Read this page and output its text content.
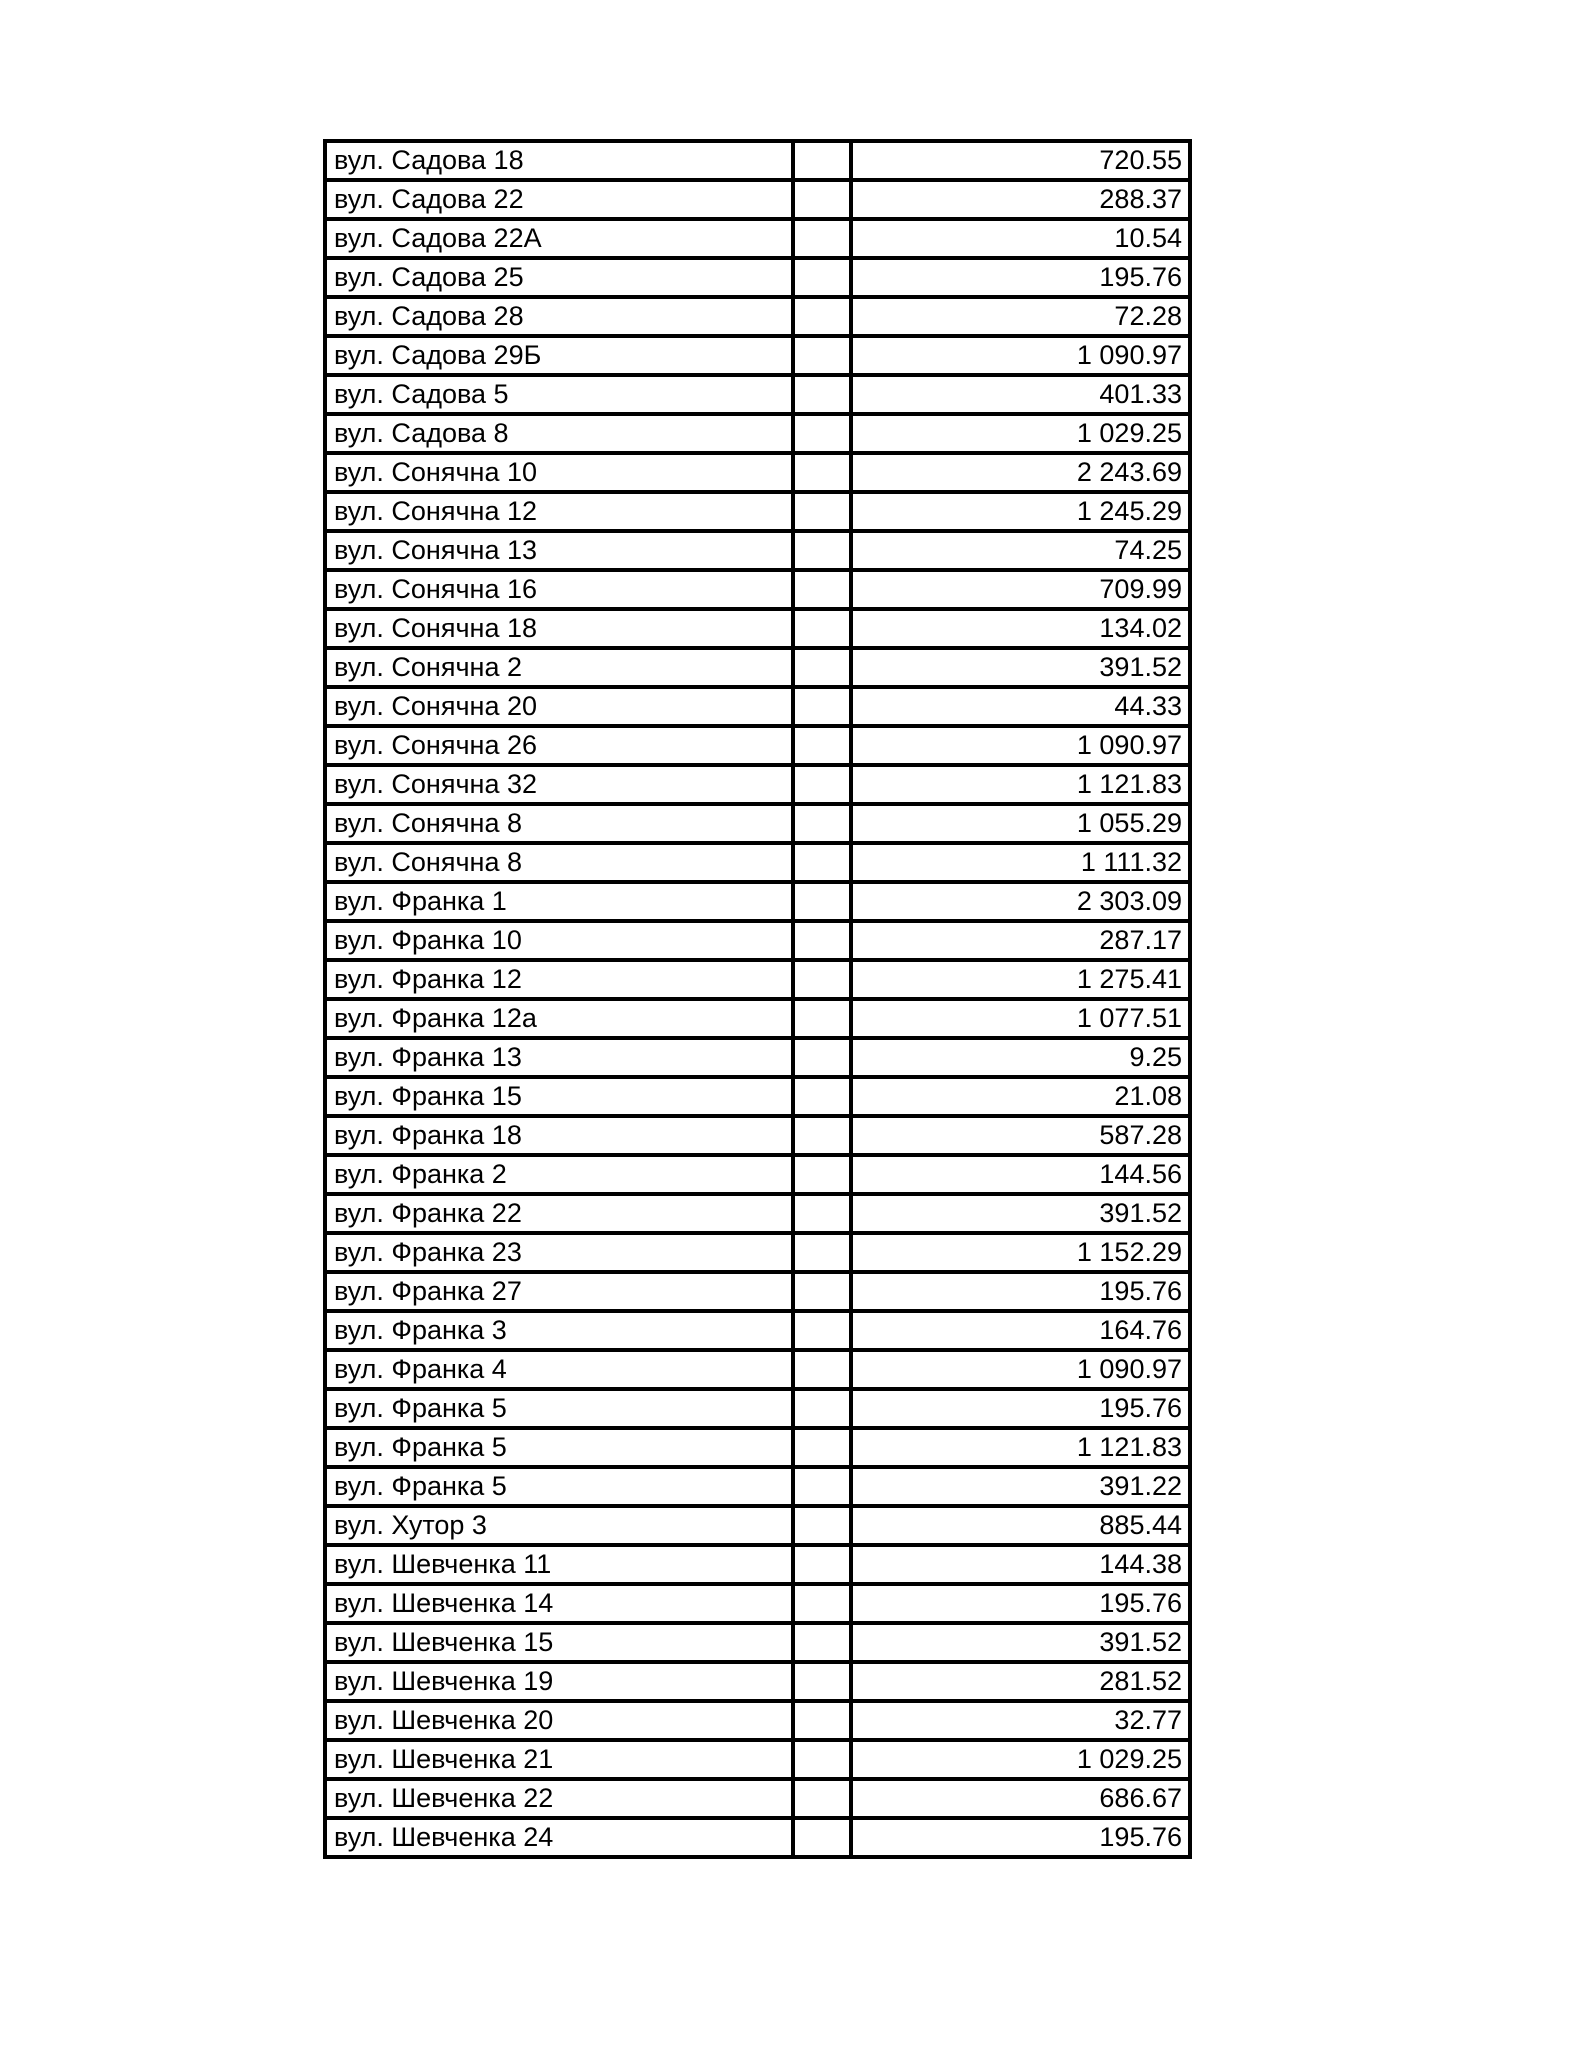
вул. Садова 18		720.55
вул. Садова 22		288.37
вул. Садова 22А		10.54
вул. Садова 25		195.76
вул. Садова 28		72.28
вул. Садова 29Б		1 090.97
вул. Садова 5		401.33
вул. Садова 8		1 029.25
вул. Сонячна 10		2 243.69
вул. Сонячна 12		1 245.29
вул. Сонячна 13		74.25
вул. Сонячна 16		709.99
вул. Сонячна 18		134.02
вул. Сонячна 2		391.52
вул. Сонячна 20		44.33
вул. Сонячна 26		1 090.97
вул. Сонячна 32		1 121.83
вул. Сонячна 8		1 055.29
вул. Сонячна 8		1 111.32
вул. Франка 1		2 303.09
вул. Франка 10		287.17
вул. Франка 12		1 275.41
вул. Франка 12а		1 077.51
вул. Франка 13		9.25
вул. Франка 15		21.08
вул. Франка 18		587.28
вул. Франка 2		144.56
вул. Франка 22		391.52
вул. Франка 23		1 152.29
вул. Франка 27		195.76
вул. Франка 3		164.76
вул. Франка 4		1 090.97
вул. Франка 5		195.76
вул. Франка 5		1 121.83
вул. Франка 5		391.22
вул. Хутор 3		885.44
вул. Шевченка 11		144.38
вул. Шевченка 14		195.76
вул. Шевченка 15		391.52
вул. Шевченка 19		281.52
вул. Шевченка 20		32.77
вул. Шевченка 21		1 029.25
вул. Шевченка 22		686.67
вул. Шевченка 24		195.76
